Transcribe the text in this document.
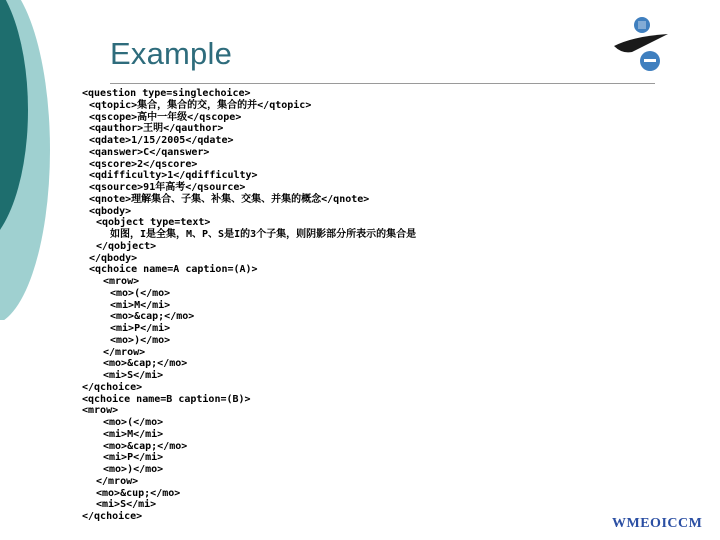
Example
<question type=singlechoice>
<qtopic>集合，集合的交，集合的并</qtopic>
<qscope>高中一年级</qscope>
<qauthor>王明</qauthor>
<qdate>1/15/2005</qdate>
<qanswer>C</qanswer>
<qscore>2</qscore>
<qdifficulty>1</qdifficulty>
<qsource>91年高考</qsource>
<qnote>理解集合、子集、补集、交集、并集的概念</qnote>
<qbody>
<qobject type=text>
如图，I是全集，M、P、S是I的3个子集，则阴影部分所表示的集合是
</qobject>
</qbody>
<qchoice name=A caption=(A)>
<mrow>
<mo>(</mo>
<mi>M</mi>
<mo>&cap;</mo>
<mi>P</mi>
<mo>)</mo>
</mrow>
<mo>&cap;</mo>
<mi>S</mi>
</qchoice>
<qchoice name=B caption=(B)>
<mrow>
<mo>(</mo>
<mi>M</mi>
<mo>&cap;</mo>
<mi>P</mi>
<mo>)</mo>
</mrow>
<mo>&cup;</mo>
<mi>S</mi>
</qchoice>	WMEOICCM
